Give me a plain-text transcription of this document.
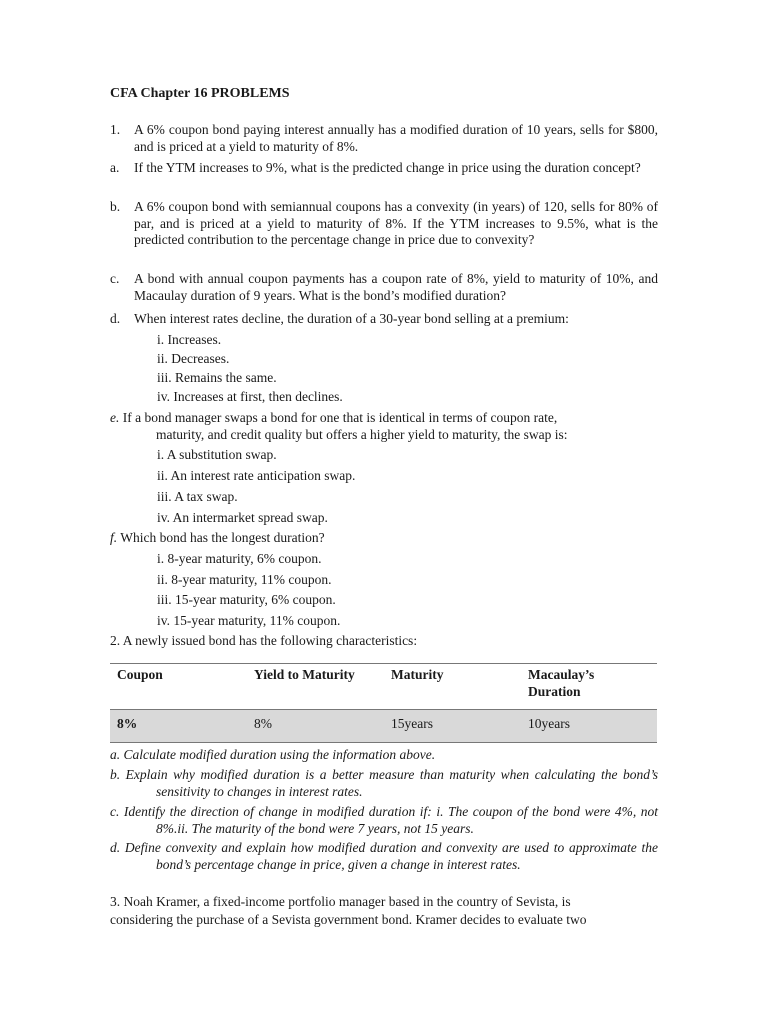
CFA Chapter 16 PROBLEMS
1. A 6% coupon bond paying interest annually has a modified duration of 10 years, sells for $800, and is priced at a yield to maturity of 8%.
a. If the YTM increases to 9%, what is the predicted change in price using the duration concept?
b. A 6% coupon bond with semiannual coupons has a convexity (in years) of 120, sells for 80% of par, and is priced at a yield to maturity of 8%. If the YTM increases to 9.5%, what is the predicted contribution to the percentage change in price due to convexity?
c. A bond with annual coupon payments has a coupon rate of 8%, yield to maturity of 10%, and Macaulay duration of 9 years. What is the bond’s modified duration?
d. When interest rates decline, the duration of a 30-year bond selling at a premium:
i. Increases.
ii. Decreases.
iii. Remains the same.
iv. Increases at first, then declines.
e. If a bond manager swaps a bond for one that is identical in terms of coupon rate,
maturity, and credit quality but offers a higher yield to maturity, the swap is:
i. A substitution swap.
ii. An interest rate anticipation swap.
iii. A tax swap.
iv. An intermarket spread swap.
f. Which bond has the longest duration?
i. 8-year maturity, 6% coupon.
ii. 8-year maturity, 11% coupon.
iii. 15-year maturity, 6% coupon.
iv. 15-year maturity, 11% coupon.
2. A newly issued bond has the following characteristics:
Coupon	Yield to Maturity	Maturity	Macaulay’s Duration
8%	8%	15years	10years
a. Calculate modified duration using the information above.
b. Explain why modified duration is a better measure than maturity when calculating the bond’s sensitivity to changes in interest rates.
c. Identify the direction of change in modified duration if: i. The coupon of the bond were 4%, not 8%.ii. The maturity of the bond were 7 years, not 15 years.
d. Define convexity and explain how modified duration and convexity are used to approximate the bond’s percentage change in price, given a change in interest rates.
3. Noah Kramer, a fixed-income portfolio manager based in the country of Sevista, is
considering the purchase of a Sevista government bond. Kramer decides to evaluate two
